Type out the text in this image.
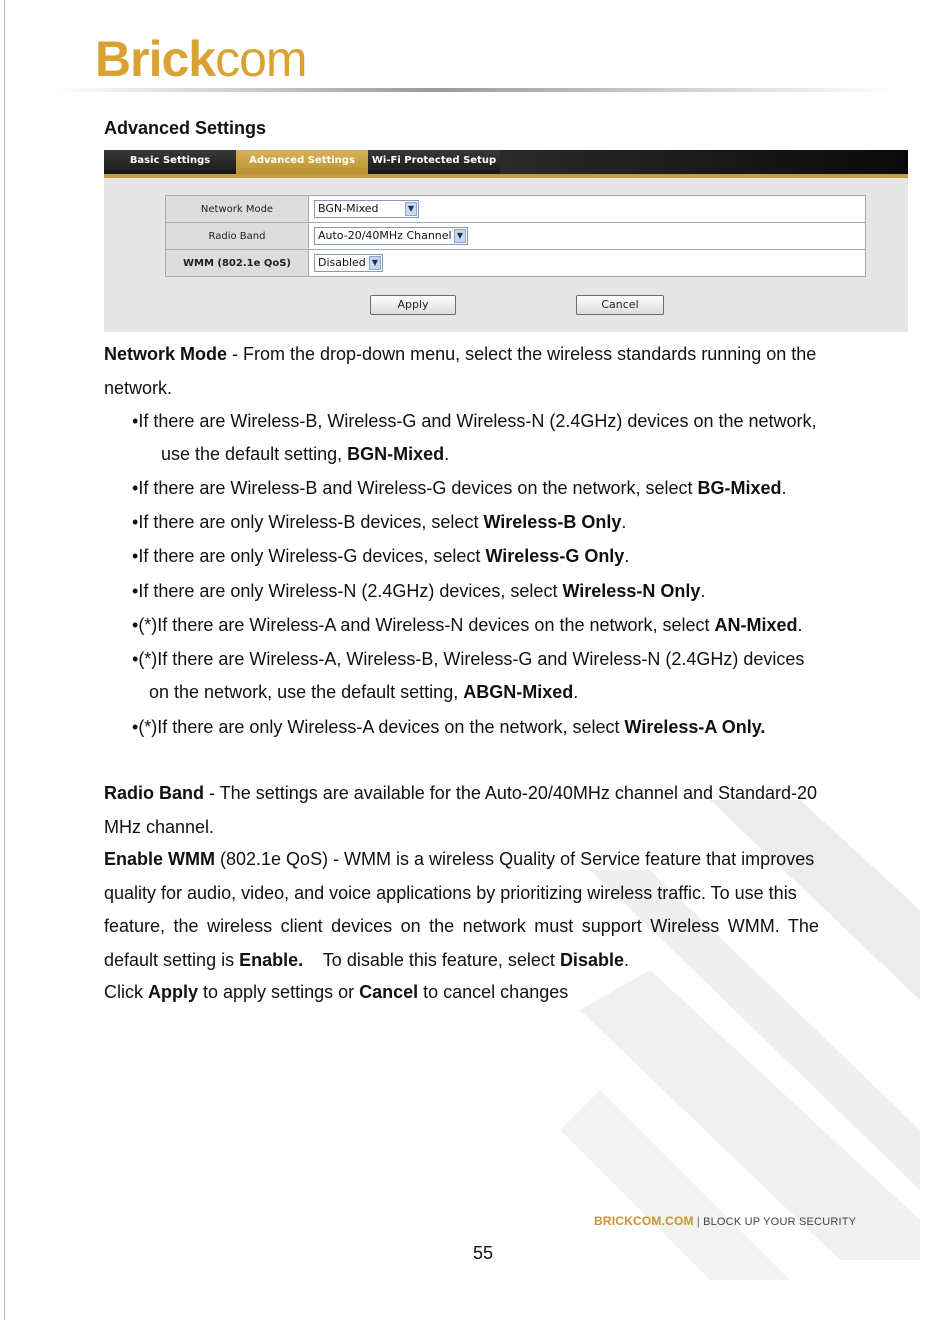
Brickcom
Advanced Settings
Basic Settings	Advanced Settings	Wi-Fi Protected Setup
Network Mode	BGN-Mixed ▼

Radio Band	Auto-20/40MHz Channel ▼

WMM (802.1e QoS)	Disabled ▼
Apply	Cancel
Network Mode - From the drop-down menu, select the wireless standards running on the
network.
•If there are Wireless-B, Wireless-G and Wireless-N (2.4GHz) devices on the network,
use the default setting, BGN-Mixed.
•If there are Wireless-B and Wireless-G devices on the network, select BG-Mixed.
•If there are only Wireless-B devices, select Wireless-B Only.
•If there are only Wireless-G devices, select Wireless-G Only.
•If there are only Wireless-N (2.4GHz) devices, select Wireless-N Only.
•(*)If there are Wireless-A and Wireless-N devices on the network, select AN-Mixed.
•(*)If there are Wireless-A, Wireless-B, Wireless-G and Wireless-N (2.4GHz) devices
on the network, use the default setting, ABGN-Mixed.
•(*)If there are only Wireless-A devices on the network, select Wireless-A Only.
Radio Band - The settings are available for the Auto-20/40MHz channel and Standard-20
MHz channel.
Enable WMM (802.1e QoS) - WMM is a wireless Quality of Service feature that improves
quality for audio, video, and voice applications by prioritizing wireless traffic. To use this
feature, the wireless client devices on the network must support Wireless WMM. The
default setting is Enable.    To disable this feature, select Disable.
Click Apply to apply settings or Cancel to cancel changes
BRICKCOM.COM | BLOCK UP YOUR SECURITY
55
